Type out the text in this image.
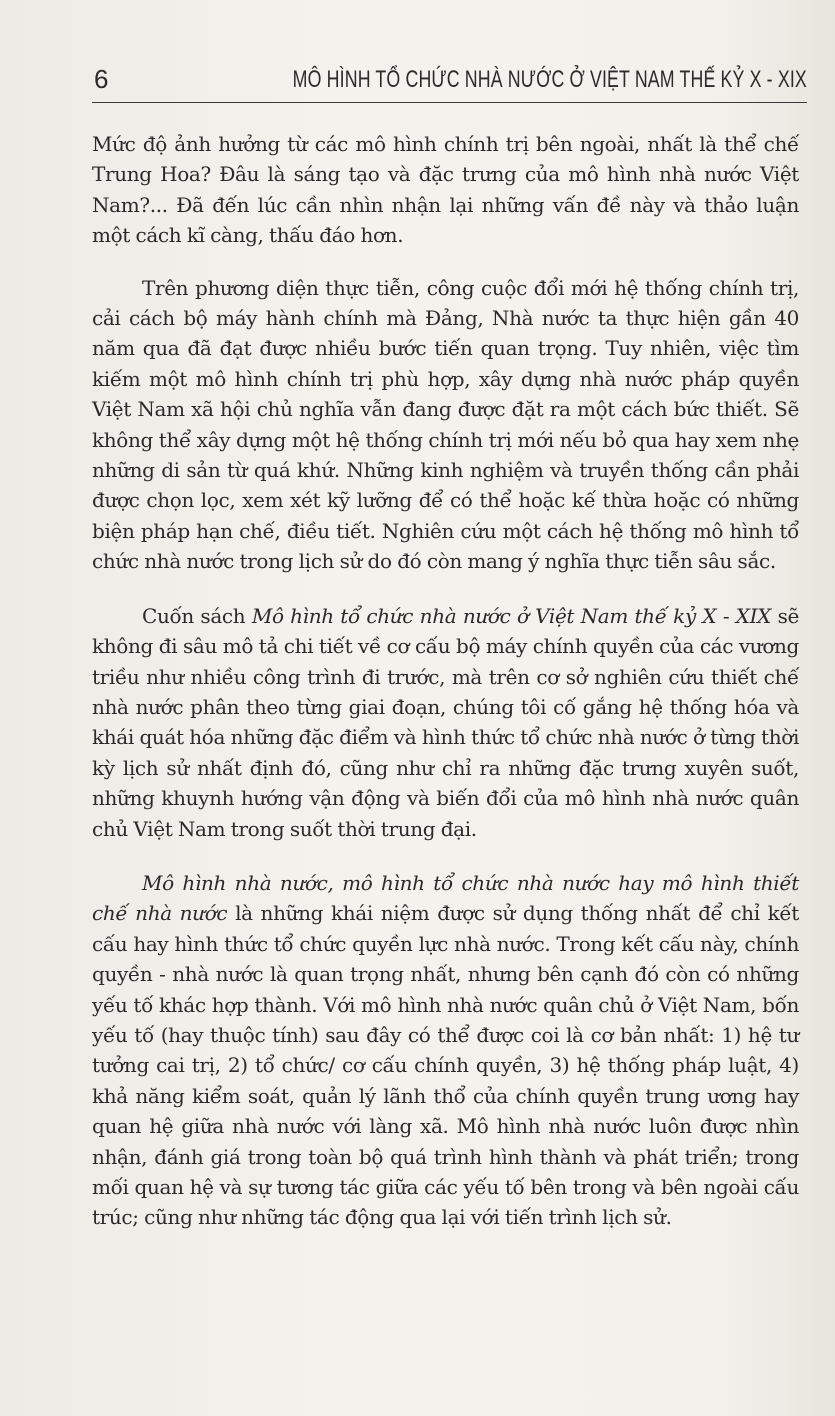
6	MÔ HÌNH TỔ CHỨC NHÀ NƯỚC Ở VIỆT NAM THẾ KỶ X - XIX

Mức độ ảnh hưởng từ các mô hình chính trị bên ngoài, nhất là thể chế Trung Hoa? Đâu là sáng tạo và đặc trưng của mô hình nhà nước Việt Nam?... Đã đến lúc cần nhìn nhận lại những vấn đề này và thảo luận một cách kĩ càng, thấu đáo hơn.

Trên phương diện thực tiễn, công cuộc đổi mới hệ thống chính trị, cải cách bộ máy hành chính mà Đảng, Nhà nước ta thực hiện gần 40 năm qua đã đạt được nhiều bước tiến quan trọng. Tuy nhiên, việc tìm kiếm một mô hình chính trị phù hợp, xây dựng nhà nước pháp quyền Việt Nam xã hội chủ nghĩa vẫn đang được đặt ra một cách bức thiết. Sẽ không thể xây dựng một hệ thống chính trị mới nếu bỏ qua hay xem nhẹ những di sản từ quá khứ. Những kinh nghiệm và truyền thống cần phải được chọn lọc, xem xét kỹ lưỡng để có thể hoặc kế thừa hoặc có những biện pháp hạn chế, điều tiết. Nghiên cứu một cách hệ thống mô hình tổ chức nhà nước trong lịch sử do đó còn mang ý nghĩa thực tiễn sâu sắc.

Cuốn sách Mô hình tổ chức nhà nước ở Việt Nam thế kỷ X - XIX sẽ không đi sâu mô tả chi tiết về cơ cấu bộ máy chính quyền của các vương triều như nhiều công trình đi trước, mà trên cơ sở nghiên cứu thiết chế nhà nước phân theo từng giai đoạn, chúng tôi cố gắng hệ thống hóa và khái quát hóa những đặc điểm và hình thức tổ chức nhà nước ở từng thời kỳ lịch sử nhất định đó, cũng như chỉ ra những đặc trưng xuyên suốt, những khuynh hướng vận động và biến đổi của mô hình nhà nước quân chủ Việt Nam trong suốt thời trung đại.

Mô hình nhà nước, mô hình tổ chức nhà nước hay mô hình thiết chế nhà nước là những khái niệm được sử dụng thống nhất để chỉ kết cấu hay hình thức tổ chức quyền lực nhà nước. Trong kết cấu này, chính quyền - nhà nước là quan trọng nhất, nhưng bên cạnh đó còn có những yếu tố khác hợp thành. Với mô hình nhà nước quân chủ ở Việt Nam, bốn yếu tố (hay thuộc tính) sau đây có thể được coi là cơ bản nhất: 1) hệ tư tưởng cai trị, 2) tổ chức/ cơ cấu chính quyền, 3) hệ thống pháp luật, 4) khả năng kiểm soát, quản lý lãnh thổ của chính quyền trung ương hay quan hệ giữa nhà nước với làng xã. Mô hình nhà nước luôn được nhìn nhận, đánh giá trong toàn bộ quá trình hình thành và phát triển; trong mối quan hệ và sự tương tác giữa các yếu tố bên trong và bên ngoài cấu trúc; cũng như những tác động qua lại với tiến trình lịch sử.
